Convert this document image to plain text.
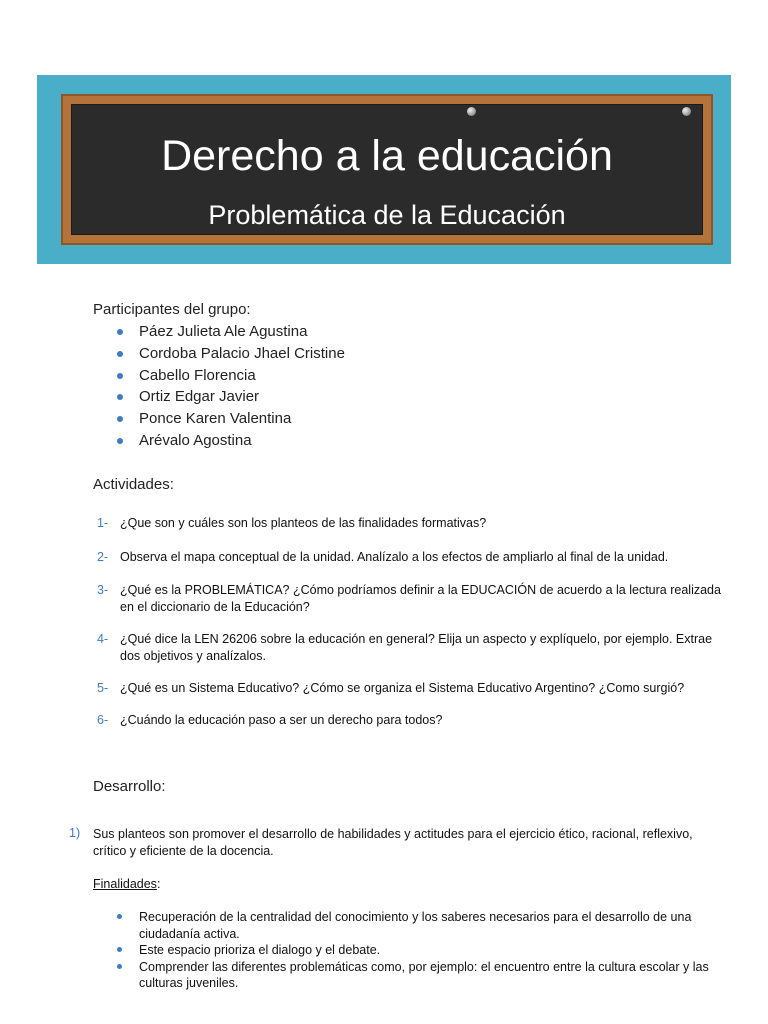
Derecho a la educación
Problemática de la Educación
Participantes del grupo:
Páez Julieta Ale Agustina
Cordoba Palacio Jhael Cristine
Cabello Florencia
Ortiz Edgar Javier
Ponce Karen Valentina
Arévalo Agostina
Actividades:
1- ¿Que son y cuáles son los planteos de las finalidades formativas?
2- Observa el mapa conceptual de la unidad. Analízalo a los efectos de ampliarlo al final de la unidad.
3- ¿Qué es la PROBLEMÁTICA? ¿Cómo podríamos definir a la EDUCACIÓN de acuerdo a la lectura realizada en el diccionario de la Educación?
4- ¿Qué dice la LEN 26206 sobre la educación en general? Elija un aspecto y explíquelo, por ejemplo. Extrae dos objetivos y analízalos.
5- ¿Qué es un Sistema Educativo? ¿Cómo se organiza el Sistema Educativo Argentino? ¿Como surgió?
6- ¿Cuándo la educación paso a ser un derecho para todos?
Desarrollo:
1) Sus planteos son promover el desarrollo de habilidades y actitudes para el ejercicio ético, racional, reflexivo, crítico y eficiente de la docencia.
Finalidades:
Recuperación de la centralidad del conocimiento y los saberes necesarios para el desarrollo de una ciudadanía activa.
Este espacio prioriza el dialogo y el debate.
Comprender las diferentes problemáticas como, por ejemplo: el encuentro entre la cultura escolar y las culturas juveniles.
